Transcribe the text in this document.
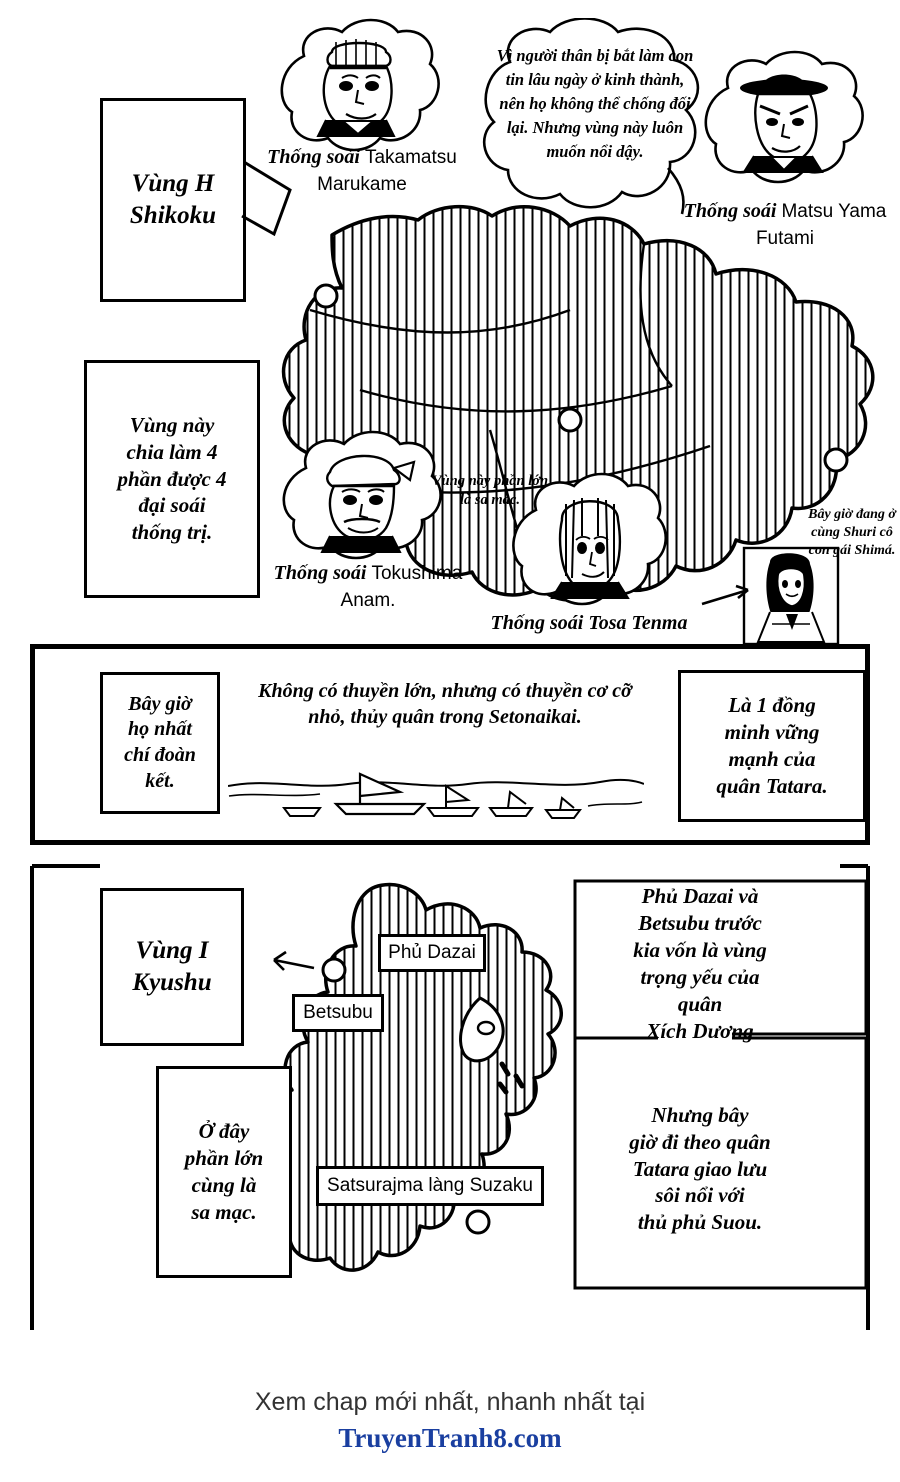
Vùng H
Shikoku
Vùng này
chia làm 4
phần được 4
đại soái
thống trị.
Vì người thân bị bắt làm con tin lâu ngày ở kinh thành, nên họ không thể chống đối lại. Nhưng vùng này luôn muốn nổi dậy.
Thống soái Takamatsu Marukame
Thống soái Matsu Yama Futami
Thống soái Tokushima Anam.
Vùng này phần lớn là sa mạc.
Thống soái Tosa Tenma
Bây giờ đang ở cùng Shuri cô con gái Shimá.
Bây giờ
họ nhất
chí đoàn
kết.
Không có thuyền lớn, nhưng có thuyền cơ cỡ nhỏ, thủy quân trong Setonaikai.	Là 1 đồng
minh vững
mạnh của
quân Tatara.
Vùng I
Kyushu
Ở đây
phần lớn
cùng là
sa mạc.
Phủ Dazai
Betsubu
Satsurajma làng Suzaku
Phủ Dazai và
Betsubu trước
kia vốn là vùng
trọng yếu của
quân
Xích Dương
Nhưng bây
giờ đi theo quân
Tatara giao lưu
sôi nổi với
thủ phủ Suou.
Xem chap mới nhất, nhanh nhất tại
TruyenTranh8.com
